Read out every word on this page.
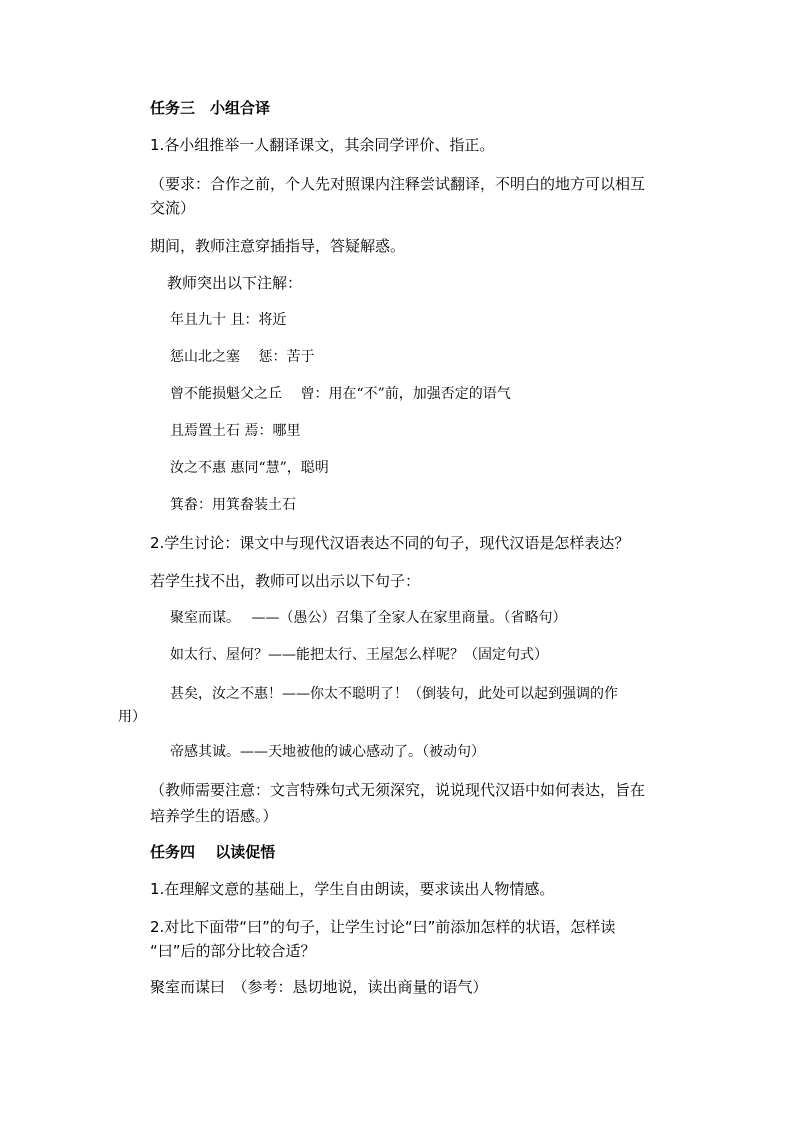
任务三　小组合译
1.各小组推举一人翻译课文，其余同学评价、指正。
（要求：合作之前，个人先对照课内注释尝试翻译，不明白的地方可以相互
交流）
期间，教师注意穿插指导，答疑解惑。
教师突出以下注解：
年且九十 且：将近
惩山北之塞　 惩：苦于
曾不能损魁父之丘　 曾：用在“不”前，加强否定的语气
且焉置土石 焉：哪里
汝之不惠 惠同“慧”，聪明
箕畚：用箕畚装土石
2.学生讨论：课文中与现代汉语表达不同的句子，现代汉语是怎样表达？
若学生找不出，教师可以出示以下句子：
聚室而谋。　 ——（愚公）召集了全家人在家里商量。（省略句）
如太行、屋何？——能把太行、王屋怎么样呢？（固定句式）
甚矣，汝之不惠！——你太不聪明了！（倒装句，此处可以起到强调的作
用）
帝感其诚。——天地被他的诚心感动了。（被动句）
（教师需要注意：文言特殊句式无须深究，说说现代汉语中如何表达，旨在
培养学生的语感。）
任务四　 以读促悟
1.在理解文意的基础上，学生自由朗读，要求读出人物情感。
2.对比下面带“曰”的句子，让学生讨论“曰”前添加怎样的状语，怎样读
“曰”后的部分比较合适？
聚室而谋曰　（参考：恳切地说，读出商量的语气）
